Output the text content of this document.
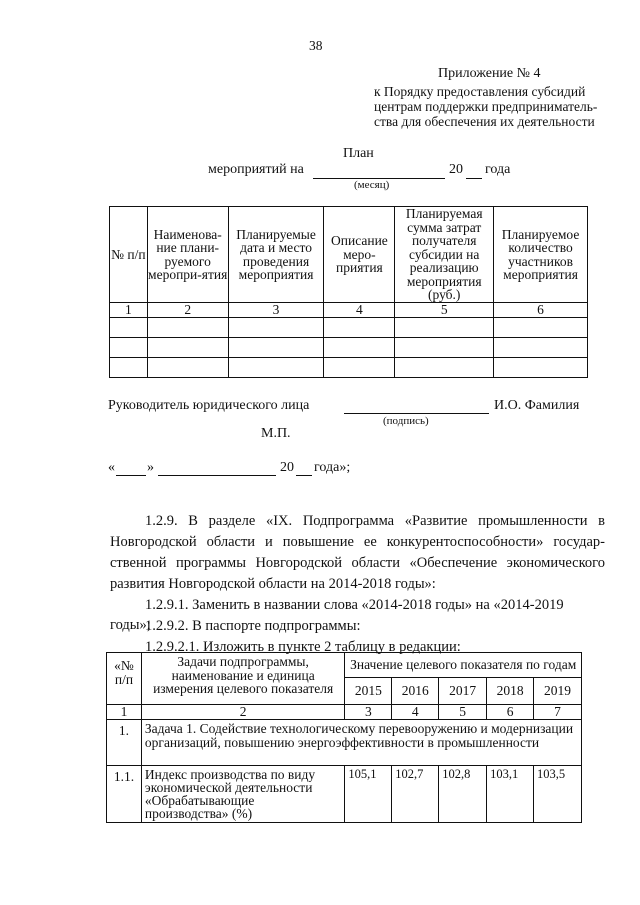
38
Приложение № 4
к Порядку предоставления субсидий
центрам поддержки предприниматель-
ства для обеспечения их деятельности
План
мероприятий на	20 года
(месяц)
№ п/п	Наименова-ние плани-руемого меропри-ятия	Планируемые дата и место проведения мероприятия	Описание меро-приятия	Планируемая сумма затрат получателя субсидии на реализацию мероприятия (руб.)	Планируемое количество участников мероприятия
1	2	3	4	5	6

Руководитель юридического лица	И.О. Фамилия
(подпись)
М.П.
« »	20 года»;
1.2.9. В разделе «IX. Подпрограмма «Развитие промышленности в
Новгородской области и повышение ее конкурентоспособности» государ-
ственной программы Новгородской области «Обеспечение экономического
развития Новгородской области на 2014-2018 годы»:
1.2.9.1. Заменить в названии слова «2014-2018 годы» на «2014-2019 годы»;
1.2.9.2. В паспорте подпрограммы:
1.2.9.2.1. Изложить в пункте 2 таблицу в редакции:
«№ п/п	Задачи подпрограммы, наименование и единица измерения целевого показателя	Значение целевого показателя по годам				
		2015	2016	2017	2018	2019
1	2	3	4	5	6	7
1.	Задача 1. Содействие технологическому перевооружению и модернизации организаций, повышению энергоэффективности в промышленности					
1.1.	Индекс производства по виду экономической деятельности «Обрабатывающие производства» (%)	105,1	102,7	102,8	103,1	103,5
